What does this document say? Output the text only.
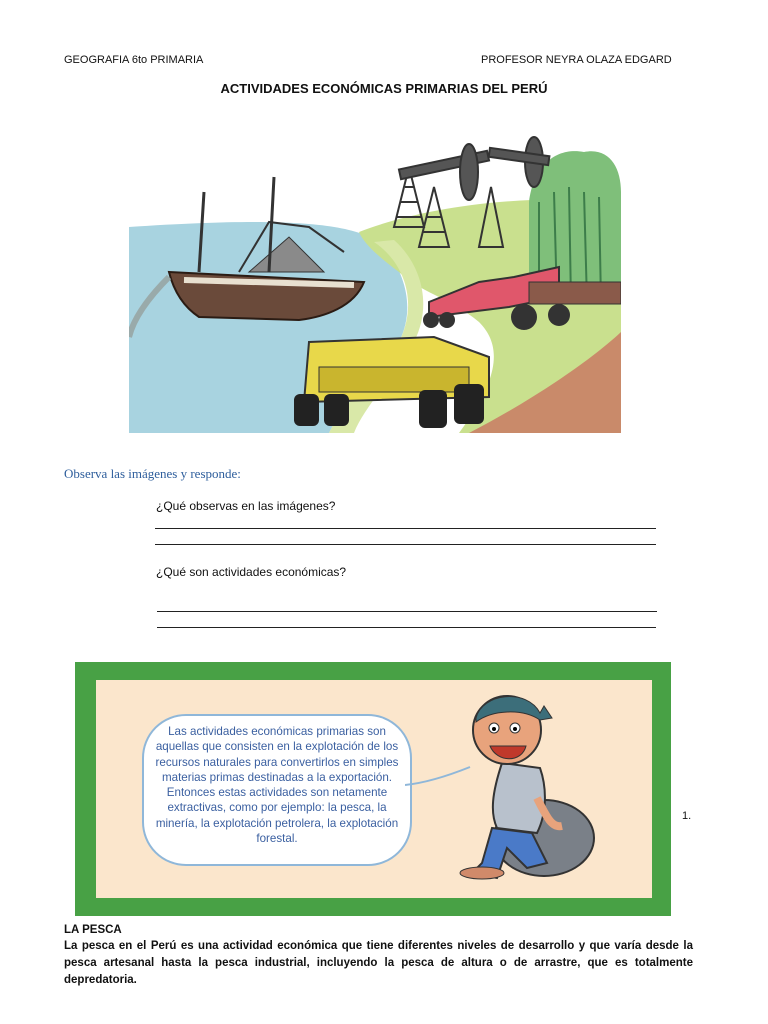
GEOGRAFIA 6to PRIMARIA	PROFESOR NEYRA OLAZA EDGARD
ACTIVIDADES ECONÓMICAS PRIMARIAS DEL PERÚ
Observa las imágenes y responde:
¿Qué observas en las imágenes?
¿Qué son actividades económicas?
Las actividades económicas primarias son aquellas que consisten en la explotación de los recursos naturales para convertirlos en simples materias primas destinadas a la exportación. Entonces estas actividades son netamente extractivas, como por ejemplo: la pesca, la minería, la explotación petrolera, la explotación forestal.
1.
LA PESCA
La pesca en el Perú es una actividad económica que tiene diferentes niveles de desarrollo y que varía desde la pesca artesanal hasta la pesca industrial, incluyendo la pesca de altura o de arrastre, que es totalmente depredatoria.
